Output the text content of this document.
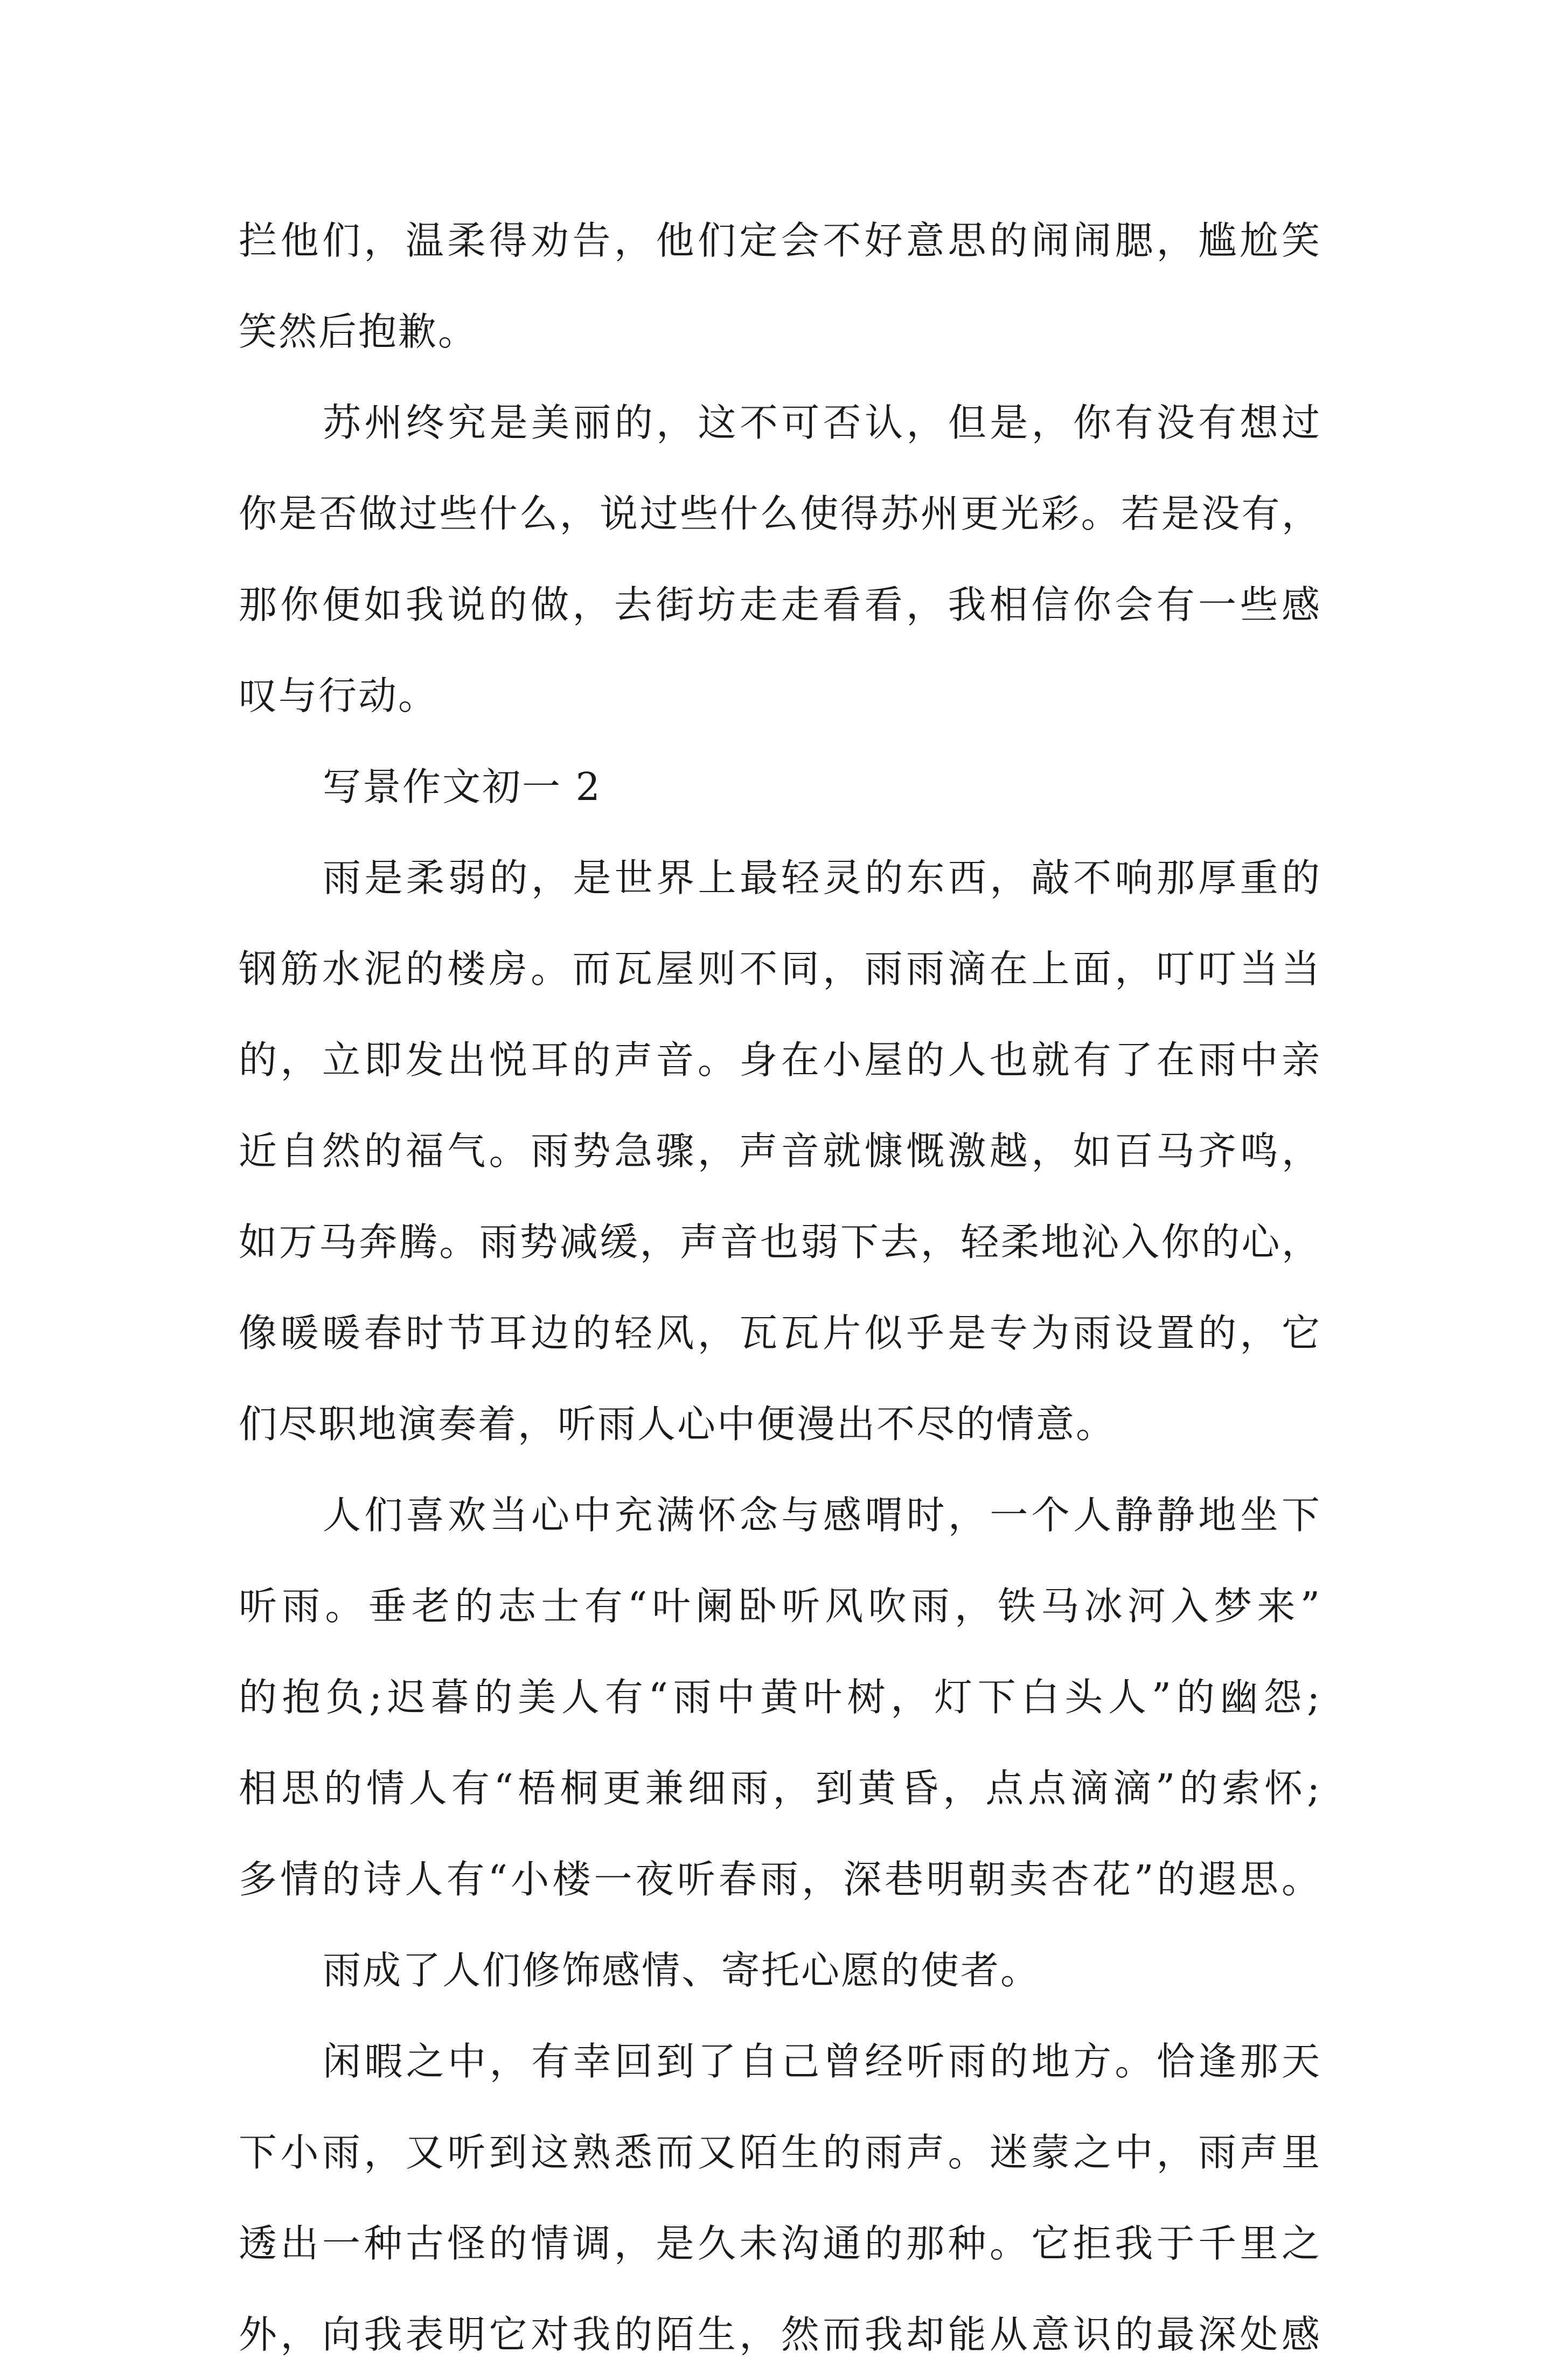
拦他们，温柔得劝告，他们定会不好意思的闹闹腮，尴尬笑
笑然后抱歉。
苏州终究是美丽的，这不可否认，但是，你有没有想过
你是否做过些什么，说过些什么使得苏州更光彩。若是没有，
那你便如我说的做，去街坊走走看看，我相信你会有一些感
叹与行动。
写景作文初一 2
雨是柔弱的，是世界上最轻灵的东西，敲不响那厚重的
钢筋水泥的楼房。而瓦屋则不同，雨雨滴在上面，叮叮当当
的，立即发出悦耳的声音。身在小屋的人也就有了在雨中亲
近自然的福气。雨势急骤，声音就慷慨激越，如百马齐鸣，
如万马奔腾。雨势减缓，声音也弱下去，轻柔地沁入你的心，
像暖暖春时节耳边的轻风，瓦瓦片似乎是专为雨设置的，它
们尽职地演奏着，听雨人心中便漫出不尽的情意。
人们喜欢当心中充满怀念与感喟时，一个人静静地坐下
听雨。垂老的志士有“叶阑卧听风吹雨，铁马冰河入梦来”
的抱负;迟暮的美人有“雨中黄叶树，灯下白头人”的幽怨;
相思的情人有“梧桐更兼细雨，到黄昏，点点滴滴”的索怀;
多情的诗人有“小楼一夜听春雨，深巷明朝卖杏花”的遐思。
雨成了人们修饰感情、寄托心愿的使者。
闲暇之中，有幸回到了自己曾经听雨的地方。恰逢那天
下小雨，又听到这熟悉而又陌生的雨声。迷蒙之中，雨声里
透出一种古怪的情调，是久未沟通的那种。它拒我于千里之
外，向我表明它对我的陌生，然而我却能从意识的最深处感
